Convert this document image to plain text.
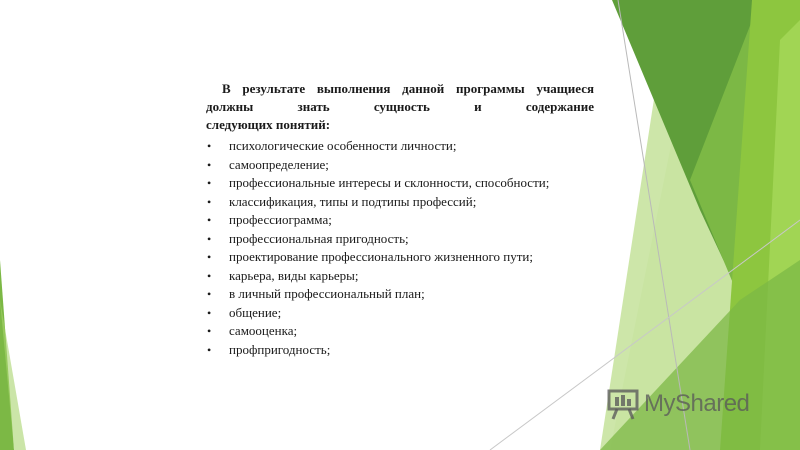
В результате выполнения данной программы учащиеся должны знать сущность и содержание
следующих понятий:

• психологические особенности личности;
• самоопределение;
• профессиональные интересы и склонности, способности;
• классификация, типы и подтипы профессий;
• профессиограмма;
• профессиональная пригодность;
• проектирование профессионального жизненного пути;
• карьера, виды карьеры;
• в личный профессиональный план;
• общение;
• самооценка;
• профпригодность;
MyShared
